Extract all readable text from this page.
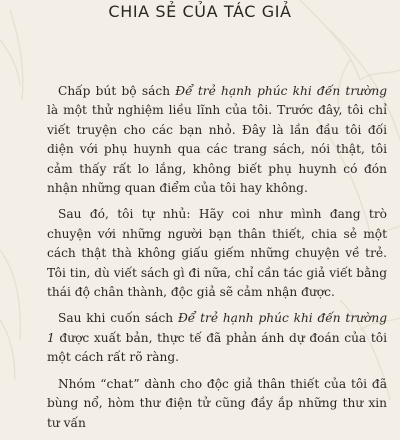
CHIA SẺ CỦA TÁC GIẢ

Chấp bút bộ sách Để trẻ hạnh phúc khi đến trường là một thử nghiệm liều lĩnh của tôi. Trước đây, tôi chỉ viết truyện cho các bạn nhỏ. Đây là lần đầu tôi đối diện với phụ huynh qua các trang sách, nói thật, tôi cảm thấy rất lo lắng, không biết phụ huynh có đón nhận những quan điểm của tôi hay không.

Sau đó, tôi tự nhủ: Hãy coi như mình đang trò chuyện với những người bạn thân thiết, chia sẻ một cách thật thà không giấu giếm những chuyện về trẻ. Tôi tin, dù viết sách gì đi nữa, chỉ cần tác giả viết bằng thái độ chân thành, độc giả sẽ cảm nhận được.

Sau khi cuốn sách Để trẻ hạnh phúc khi đến trường 1 được xuất bản, thực tế đã phản ánh dự đoán của tôi một cách rất rõ ràng.

Nhóm “chat” dành cho độc giả thân thiết của tôi đã bùng nổ, hòm thư điện tử cũng đầy ắp những thư xin tư vấn
